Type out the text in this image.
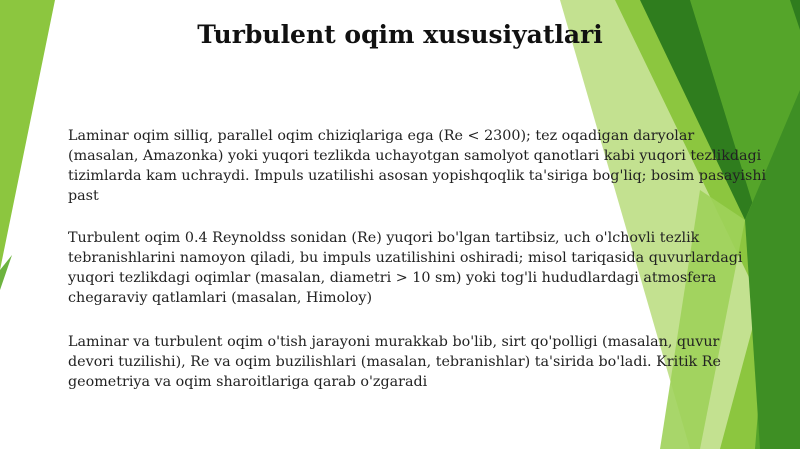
Turbulent oqim xususiyatlari
Laminar oqim silliq, parallel oqim chiziqlariga ega (Re < 2300); tez oqadigan daryolar (masalan, Amazonka) yoki yuqori tezlikda uchayotgan samolyot qanotlari kabi yuqori tezlikdagi tizimlarda kam uchraydi. Impuls uzatilishi asosan yopishqoqlik ta'siriga bog'liq; bosim pasayishi past
Turbulent oqim 0.4 Reynoldss sonidan (Re) yuqori bo'lgan tartibsiz, uch o'lchovli tezlik tebranishlarini namoyon qiladi, bu impuls uzatilishini oshiradi; misol tariqasida quvurlardagi yuqori tezlikdagi oqimlar (masalan, diametri > 10 sm) yoki tog'li hududlardagi atmosfera chegaraviy qatlamlari (masalan, Himoloy)
Laminar va turbulent oqim o'tish jarayoni murakkab bo'lib, sirt qo'polligi (masalan, quvur devori tuzilishi), Re va oqim buzilishlari (masalan, tebranishlar) ta'sirida bo'ladi. Kritik Re geometriya va oqim sharoitlariga qarab o'zgaradi
